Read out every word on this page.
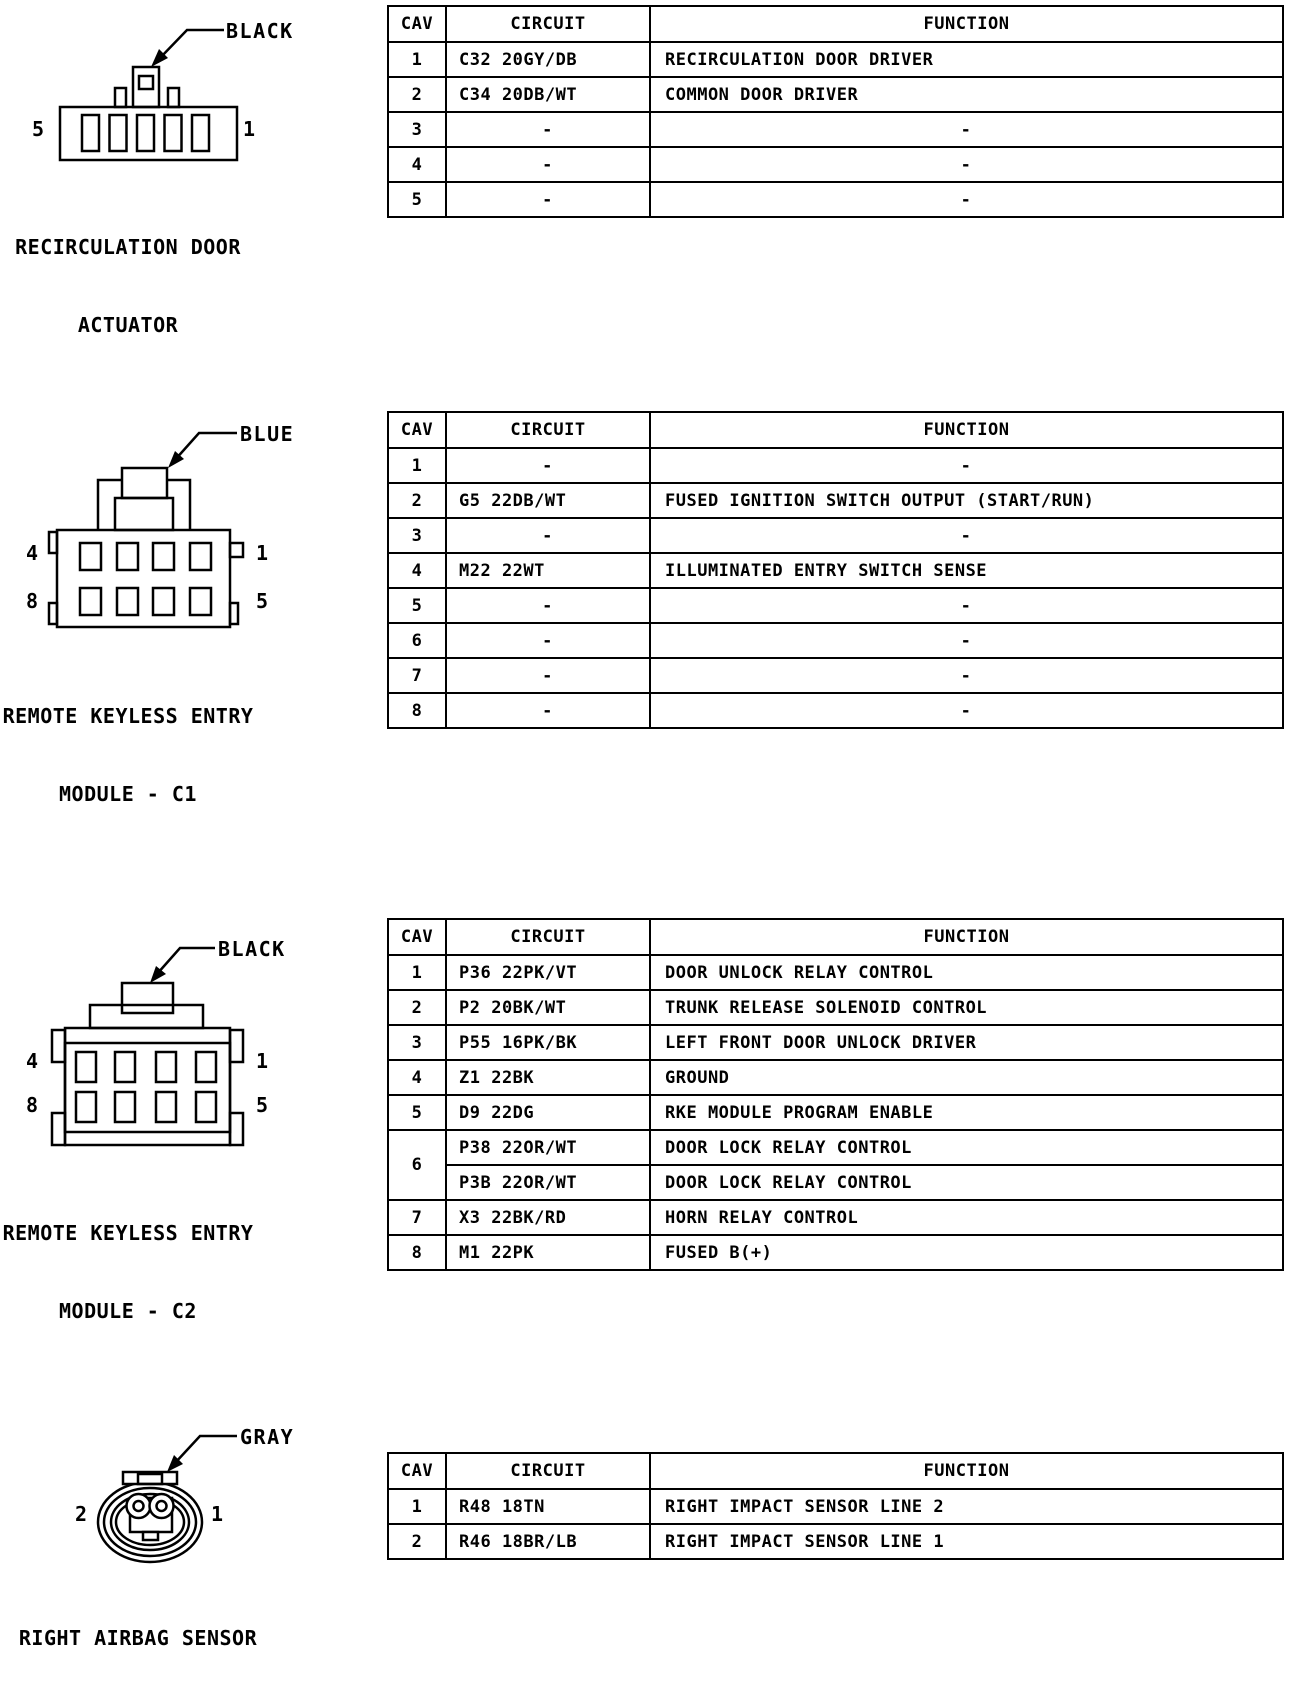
BLACK
5	1

RECIRCULATION DOOR

ACTUATOR

CAV	CIRCUIT	FUNCTION
1	C32 20GY/DB	RECIRCULATION DOOR DRIVER
2	C34 20DB/WT	COMMON DOOR DRIVER
3	-	-
4	-	-
5	-	-
BLUE
4	1
8	5

REMOTE KEYLESS ENTRY

MODULE - C1

CAV	CIRCUIT	FUNCTION
1	-	-
2	G5 22DB/WT	FUSED IGNITION SWITCH OUTPUT (START/RUN)
3	-	-
4	M22 22WT	ILLUMINATED ENTRY SWITCH SENSE
5	-	-
6	-	-
7	-	-
8	-	-
BLACK
4	1
8	5

REMOTE KEYLESS ENTRY

MODULE - C2

CAV	CIRCUIT	FUNCTION
1	P36 22PK/VT	DOOR UNLOCK RELAY CONTROL
2	P2 20BK/WT	TRUNK RELEASE SOLENOID CONTROL
3	P55 16PK/BK	LEFT FRONT DOOR UNLOCK DRIVER
4	Z1 22BK	GROUND
5	D9 22DG	RKE MODULE PROGRAM ENABLE
6	P38 22OR/WT	DOOR LOCK RELAY CONTROL
	P3B 22OR/WT	DOOR LOCK RELAY CONTROL
7	X3 22BK/RD	HORN RELAY CONTROL
8	M1 22PK	FUSED B(+)
GRAY
2	1

RIGHT AIRBAG SENSOR

CAV	CIRCUIT	FUNCTION
1	R48 18TN	RIGHT IMPACT SENSOR LINE 2
2	R46 18BR/LB	RIGHT IMPACT SENSOR LINE 1
